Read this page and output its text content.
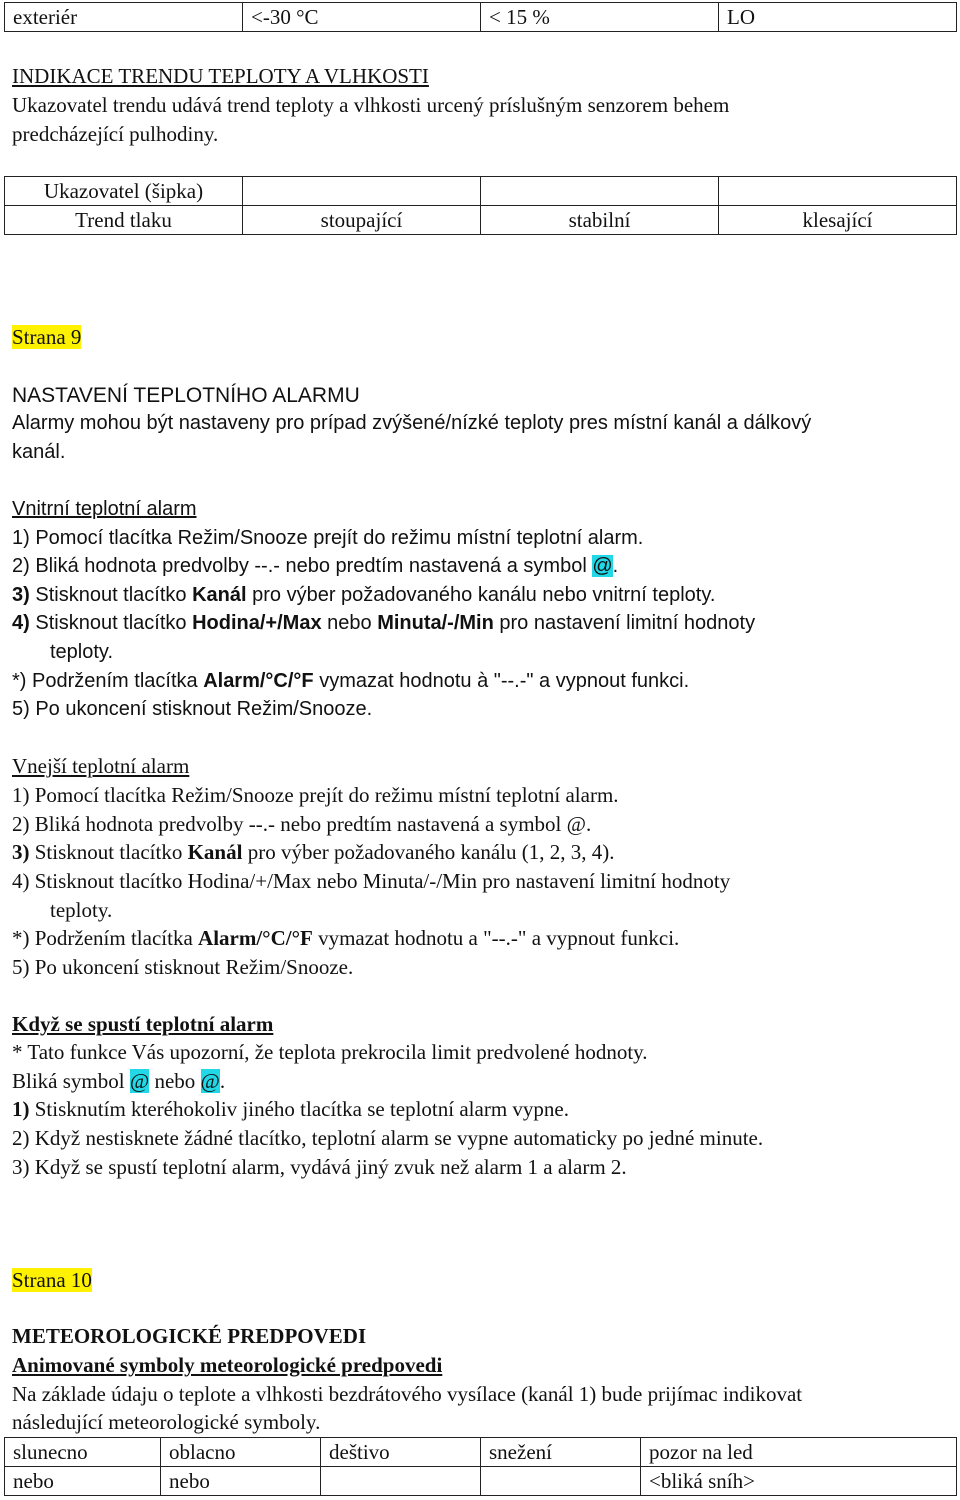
exteriér	<-30 °C	< 15 %	LO
INDIKACE TRENDU TEPLOTY A VLHKOSTI
Ukazovatel trendu udává trend teploty a vlhkosti urcený príslušným senzorem behem
predcházející pulhodiny.
Ukazovatel (šipka)			
Trend tlaku	stoupající	stabilní	klesající
Strana 9
NASTAVENÍ TEPLOTNÍHO ALARMU
Alarmy mohou být nastaveny pro prípad zvýšené/nízké teploty pres místní kanál a dálkový
kanál.
Vnitrní teplotní alarm
1) Pomocí tlacítka Režim/Snooze prejít do režimu místní teplotní alarm.
2) Bliká hodnota predvolby --.- nebo predtím nastavená a symbol @.
3) Stisknout tlacítko Kanál pro výber požadovaného kanálu nebo vnitrní teploty.
4) Stisknout tlacítko Hodina/+/Max nebo Minuta/-/Min pro nastavení limitní hodnoty
teploty.
*) Podržením tlacítka Alarm/°C/°F vymazat hodnotu à "--.-" a vypnout funkci.
5) Po ukoncení stisknout Režim/Snooze.
Vnejší teplotní alarm
1) Pomocí tlacítka Režim/Snooze prejít do režimu místní teplotní alarm.
2) Bliká hodnota predvolby --.- nebo predtím nastavená a symbol @.
3) Stisknout tlacítko Kanál pro výber požadovaného kanálu (1, 2, 3, 4).
4) Stisknout tlacítko Hodina/+/Max nebo Minuta/-/Min pro nastavení limitní hodnoty
teploty.
*) Podržením tlacítka Alarm/°C/°F vymazat hodnotu a "--.-" a vypnout funkci.
5) Po ukoncení stisknout Režim/Snooze.
Když se spustí teplotní alarm
* Tato funkce Vás upozorní, že teplota prekrocila limit predvolené hodnoty.
Bliká symbol @ nebo @.
1) Stisknutím kteréhokoliv jiného tlacítka se teplotní alarm vypne.
2) Když nestisknete žádné tlacítko, teplotní alarm se vypne automaticky po jedné minute.
3) Když se spustí teplotní alarm, vydává jiný zvuk než alarm 1 a alarm 2.
Strana 10
METEOROLOGICKÉ PREDPOVEDI
Animované symboly meteorologické predpovedi
Na základe údaju o teplote a vlhkosti bezdrátového vysílace (kanál 1) bude prijímac indikovat
následující meteorologické symboly.
slunecno	oblacno	deštivo	snežení	pozor na led
nebo	nebo			<bliká sníh>
